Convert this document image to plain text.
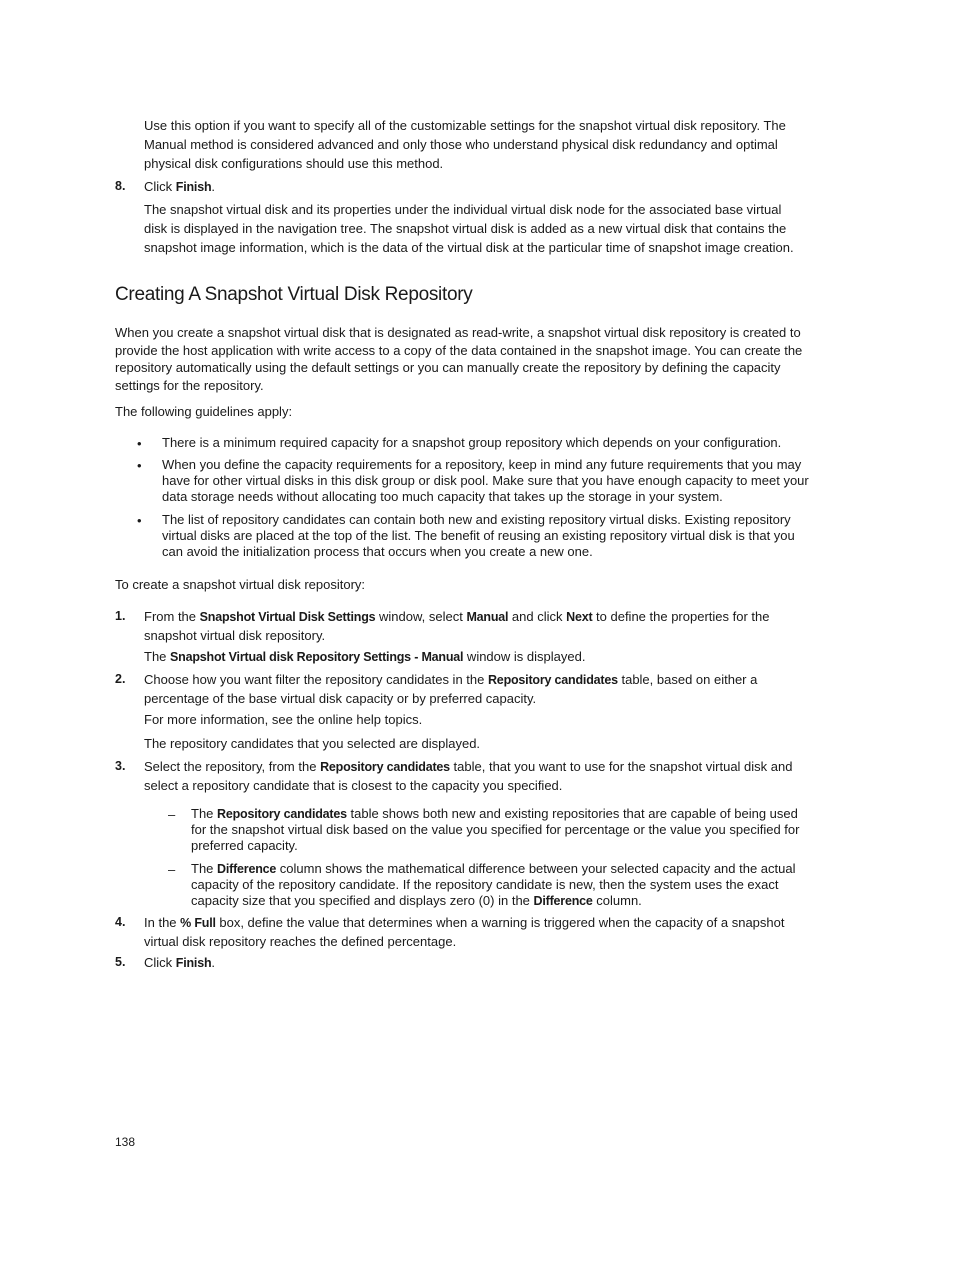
Use this option if you want to specify all of the customizable settings for the snapshot virtual disk repository. The Manual method is considered advanced and only those who understand physical disk redundancy and optimal physical disk configurations should use this method.
8. Click Finish.
The snapshot virtual disk and its properties under the individual virtual disk node for the associated base virtual disk is displayed in the navigation tree. The snapshot virtual disk is added as a new virtual disk that contains the snapshot image information, which is the data of the virtual disk at the particular time of snapshot image creation.
Creating A Snapshot Virtual Disk Repository
When you create a snapshot virtual disk that is designated as read-write, a snapshot virtual disk repository is created to provide the host application with write access to a copy of the data contained in the snapshot image. You can create the repository automatically using the default settings or you can manually create the repository by defining the capacity settings for the repository.
The following guidelines apply:
• There is a minimum required capacity for a snapshot group repository which depends on your configuration.
• When you define the capacity requirements for a repository, keep in mind any future requirements that you may have for other virtual disks in this disk group or disk pool. Make sure that you have enough capacity to meet your data storage needs without allocating too much capacity that takes up the storage in your system.
• The list of repository candidates can contain both new and existing repository virtual disks. Existing repository virtual disks are placed at the top of the list. The benefit of reusing an existing repository virtual disk is that you can avoid the initialization process that occurs when you create a new one.
To create a snapshot virtual disk repository:
1. From the Snapshot Virtual Disk Settings window, select Manual and click Next to define the properties for the snapshot virtual disk repository.
The Snapshot Virtual disk Repository Settings - Manual window is displayed.
2. Choose how you want filter the repository candidates in the Repository candidates table, based on either a percentage of the base virtual disk capacity or by preferred capacity.
For more information, see the online help topics.
The repository candidates that you selected are displayed.
3. Select the repository, from the Repository candidates table, that you want to use for the snapshot virtual disk and select a repository candidate that is closest to the capacity you specified.
– The Repository candidates table shows both new and existing repositories that are capable of being used for the snapshot virtual disk based on the value you specified for percentage or the value you specified for preferred capacity.
– The Difference column shows the mathematical difference between your selected capacity and the actual capacity of the repository candidate. If the repository candidate is new, then the system uses the exact capacity size that you specified and displays zero (0) in the Difference column.
4. In the % Full box, define the value that determines when a warning is triggered when the capacity of a snapshot virtual disk repository reaches the defined percentage.
5. Click Finish.
138
